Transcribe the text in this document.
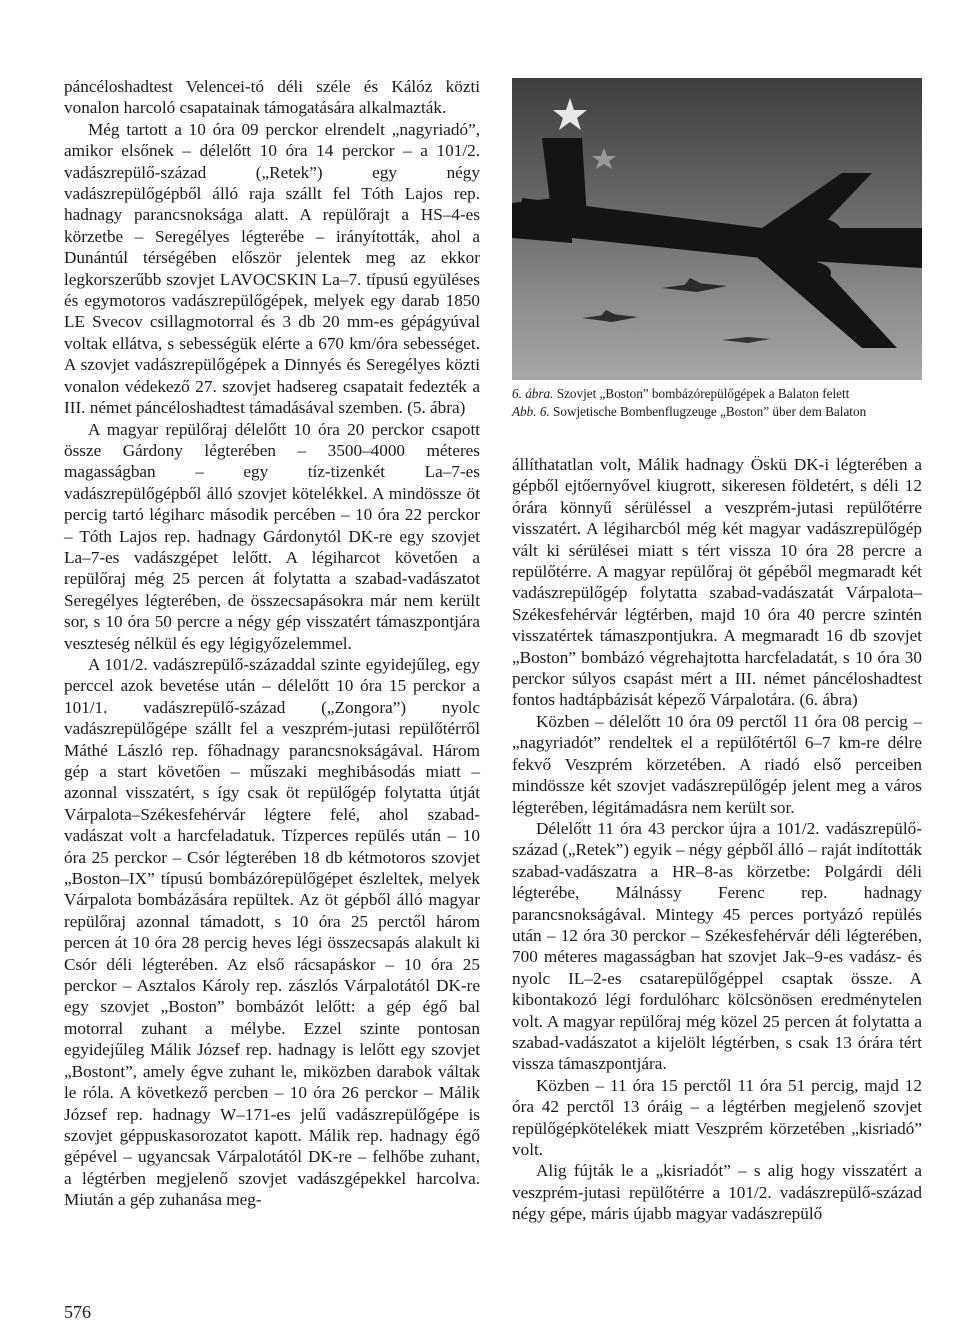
páncéloshadtest Velencei-tó déli széle és Kálóz közti vonalon harcoló csapatainak támogatására alkalmazták.

Még tartott a 10 óra 09 perckor elrendelt „nagyriadó”, amikor elsőnek – délelőtt 10 óra 14 perckor – a 101/2. vadászrepülő-század („Retek”) egy négy vadászrepülőgépből álló raja szállt fel Tóth Lajos rep. hadnagy parancsnoksága alatt. A repülőrajt a HS–4-es körzetbe – Seregélyes légterébe – irányították, ahol a Dunántúl térségében először jelentek meg az ekkor legkorszerűbb szovjet LAVOCSKIN La–7. típusú együléses és egymotoros vadászrepülőgépek, melyek egy darab 1850 LE Svecov csillagmotorral és 3 db 20 mm-es gépágyúval voltak ellátva, s sebességük elérte a 670 km/óra sebességet. A szovjet vadászrepülőgépek a Dinnyés és Seregélyes közti vonalon védekező 27. szovjet hadsereg csapatait fedezték a III. német páncéloshadtest támadásával szemben. (5. ábra)

A magyar repülőraj délelőtt 10 óra 20 perckor csapott össze Gárdony légterében – 3500–4000 méteres magasságban – egy tíz-tizenkét La–7-es vadászrepülőgépből álló szovjet kötelékkel. A mindössze öt percig tartó légiharc második percében – 10 óra 22 perckor – Tóth Lajos rep. hadnagy Gárdonytól DK-re egy szovjet La–7-es vadászgépet lelőtt. A légiharcot követően a repülőraj még 25 percen át folytatta a szabad-vadászatot Seregélyes légterében, de összecsapásokra már nem került sor, s 10 óra 50 percre a négy gép visszatért támaszpontjára veszteség nélkül és egy légigyőzelemmel.

A 101/2. vadászrepülő-századdal szinte egyidejűleg, egy perccel azok bevetése után – délelőtt 10 óra 15 perckor a 101/1. vadászrepülő-század („Zongora”) nyolc vadászrepülőgépe szállt fel a veszprém-jutasi repülőtérről Máthé László rep. főhadnagy parancsnokságával. Három gép a start követően – műszaki meghibásodás miatt – azonnal visszatért, s így csak öt repülőgép folytatta útját Várpalota–Székesfehérvár légtere felé, ahol szabad-vadászat volt a harcfeladatuk. Tízperces repülés után – 10 óra 25 perckor – Csór légterében 18 db kétmotoros szovjet „Boston–IX” típusú bombázórepülőgépet észleltek, melyek Várpalota bombázására repültek. Az öt gépből álló magyar repülőraj azonnal támadott, s 10 óra 25 perctől három percen át 10 óra 28 percig heves légi összecsapás alakult ki Csór déli légterében. Az első rácsapáskor – 10 óra 25 perckor – Asztalos Károly rep. zászlós Várpalotától DK-re egy szovjet „Boston” bombázót lelőtt: a gép égő bal motorral zuhant a mélybe. Ezzel szinte pontosan egyidejűleg Málik József rep. hadnagy is lelőtt egy szovjet „Bostont”, amely égve zuhant le, miközben darabok váltak le róla. A következő percben – 10 óra 26 perckor – Málik József rep. hadnagy W–171-es jelű vadászrepülőgépe is szovjet géppuskasorozatot kapott. Málik rep. hadnagy égő gépével – ugyancsak Várpalotától DK-re – felhőbe zuhant, a légtérben megjelenő szovjet vadászgépekkel harcolva. Miután a gép zuhanása meg-

6. ábra. Szovjet „Boston” bombázórepülőgépek a Balaton felett
Abb. 6. Sowjetische Bombenflugzeuge „Boston” über dem Balaton

állíthatatlan volt, Málik hadnagy Öskü DK-i légterében a gépből ejtőernyővel kiugrott, sikeresen földetért, s déli 12 órára könnyű sérüléssel a veszprém-jutasi repülőtérre visszatért. A légiharcból még két magyar vadászrepülőgép vált ki sérülései miatt s tért vissza 10 óra 28 percre a repülőtérre. A magyar repülőraj öt gépéből megmaradt két vadászrepülőgép folytatta szabad-vadászatát Várpalota–Székesfehérvár légtérben, majd 10 óra 40 percre szintén visszatértek támaszpontjukra. A megmaradt 16 db szovjet „Boston” bombázó végrehajtotta harcfeladatát, s 10 óra 30 perckor súlyos csapást mért a III. német páncéloshadtest fontos hadtápbázisát képező Várpalotára. (6. ábra)

Közben – délelőtt 10 óra 09 perctől 11 óra 08 percig – „nagyriadót” rendeltek el a repülőtértől 6–7 km-re délre fekvő Veszprém körzetében. A riadó első perceiben mindössze két szovjet vadászrepülőgép jelent meg a város légterében, légitámadásra nem került sor.

Délelőtt 11 óra 43 perckor újra a 101/2. vadászrepülő-század („Retek”) egyik – négy gépből álló – raját indították szabad-vadászatra a HR–8-as körzetbe: Polgárdi déli légterébe, Málnássy Ferenc rep. hadnagy parancsnokságával. Mintegy 45 perces portyázó repülés után – 12 óra 30 perckor – Székesfehérvár déli légterében, 700 méteres magasságban hat szovjet Jak–9-es vadász- és nyolc IL–2-es csatarepülőgéppel csaptak össze. A kibontakozó légi fordulóharc kölcsönösen eredménytelen volt. A magyar repülőraj még közel 25 percen át folytatta a szabad-vadászatot a kijelölt légtérben, s csak 13 órára tért vissza támaszpontjára.

Közben – 11 óra 15 perctől 11 óra 51 percig, majd 12 óra 42 perctől 13 óráig – a légtérben megjelenő szovjet repülőgépkötelékek miatt Veszprém körzetében „kisriadó” volt.

Alig fújták le a „kisriadót” – s alig hogy visszatért a veszprém-jutasi repülőtérre a 101/2. vadászrepülő-század négy gépe, máris újabb magyar vadászrepülő

576
